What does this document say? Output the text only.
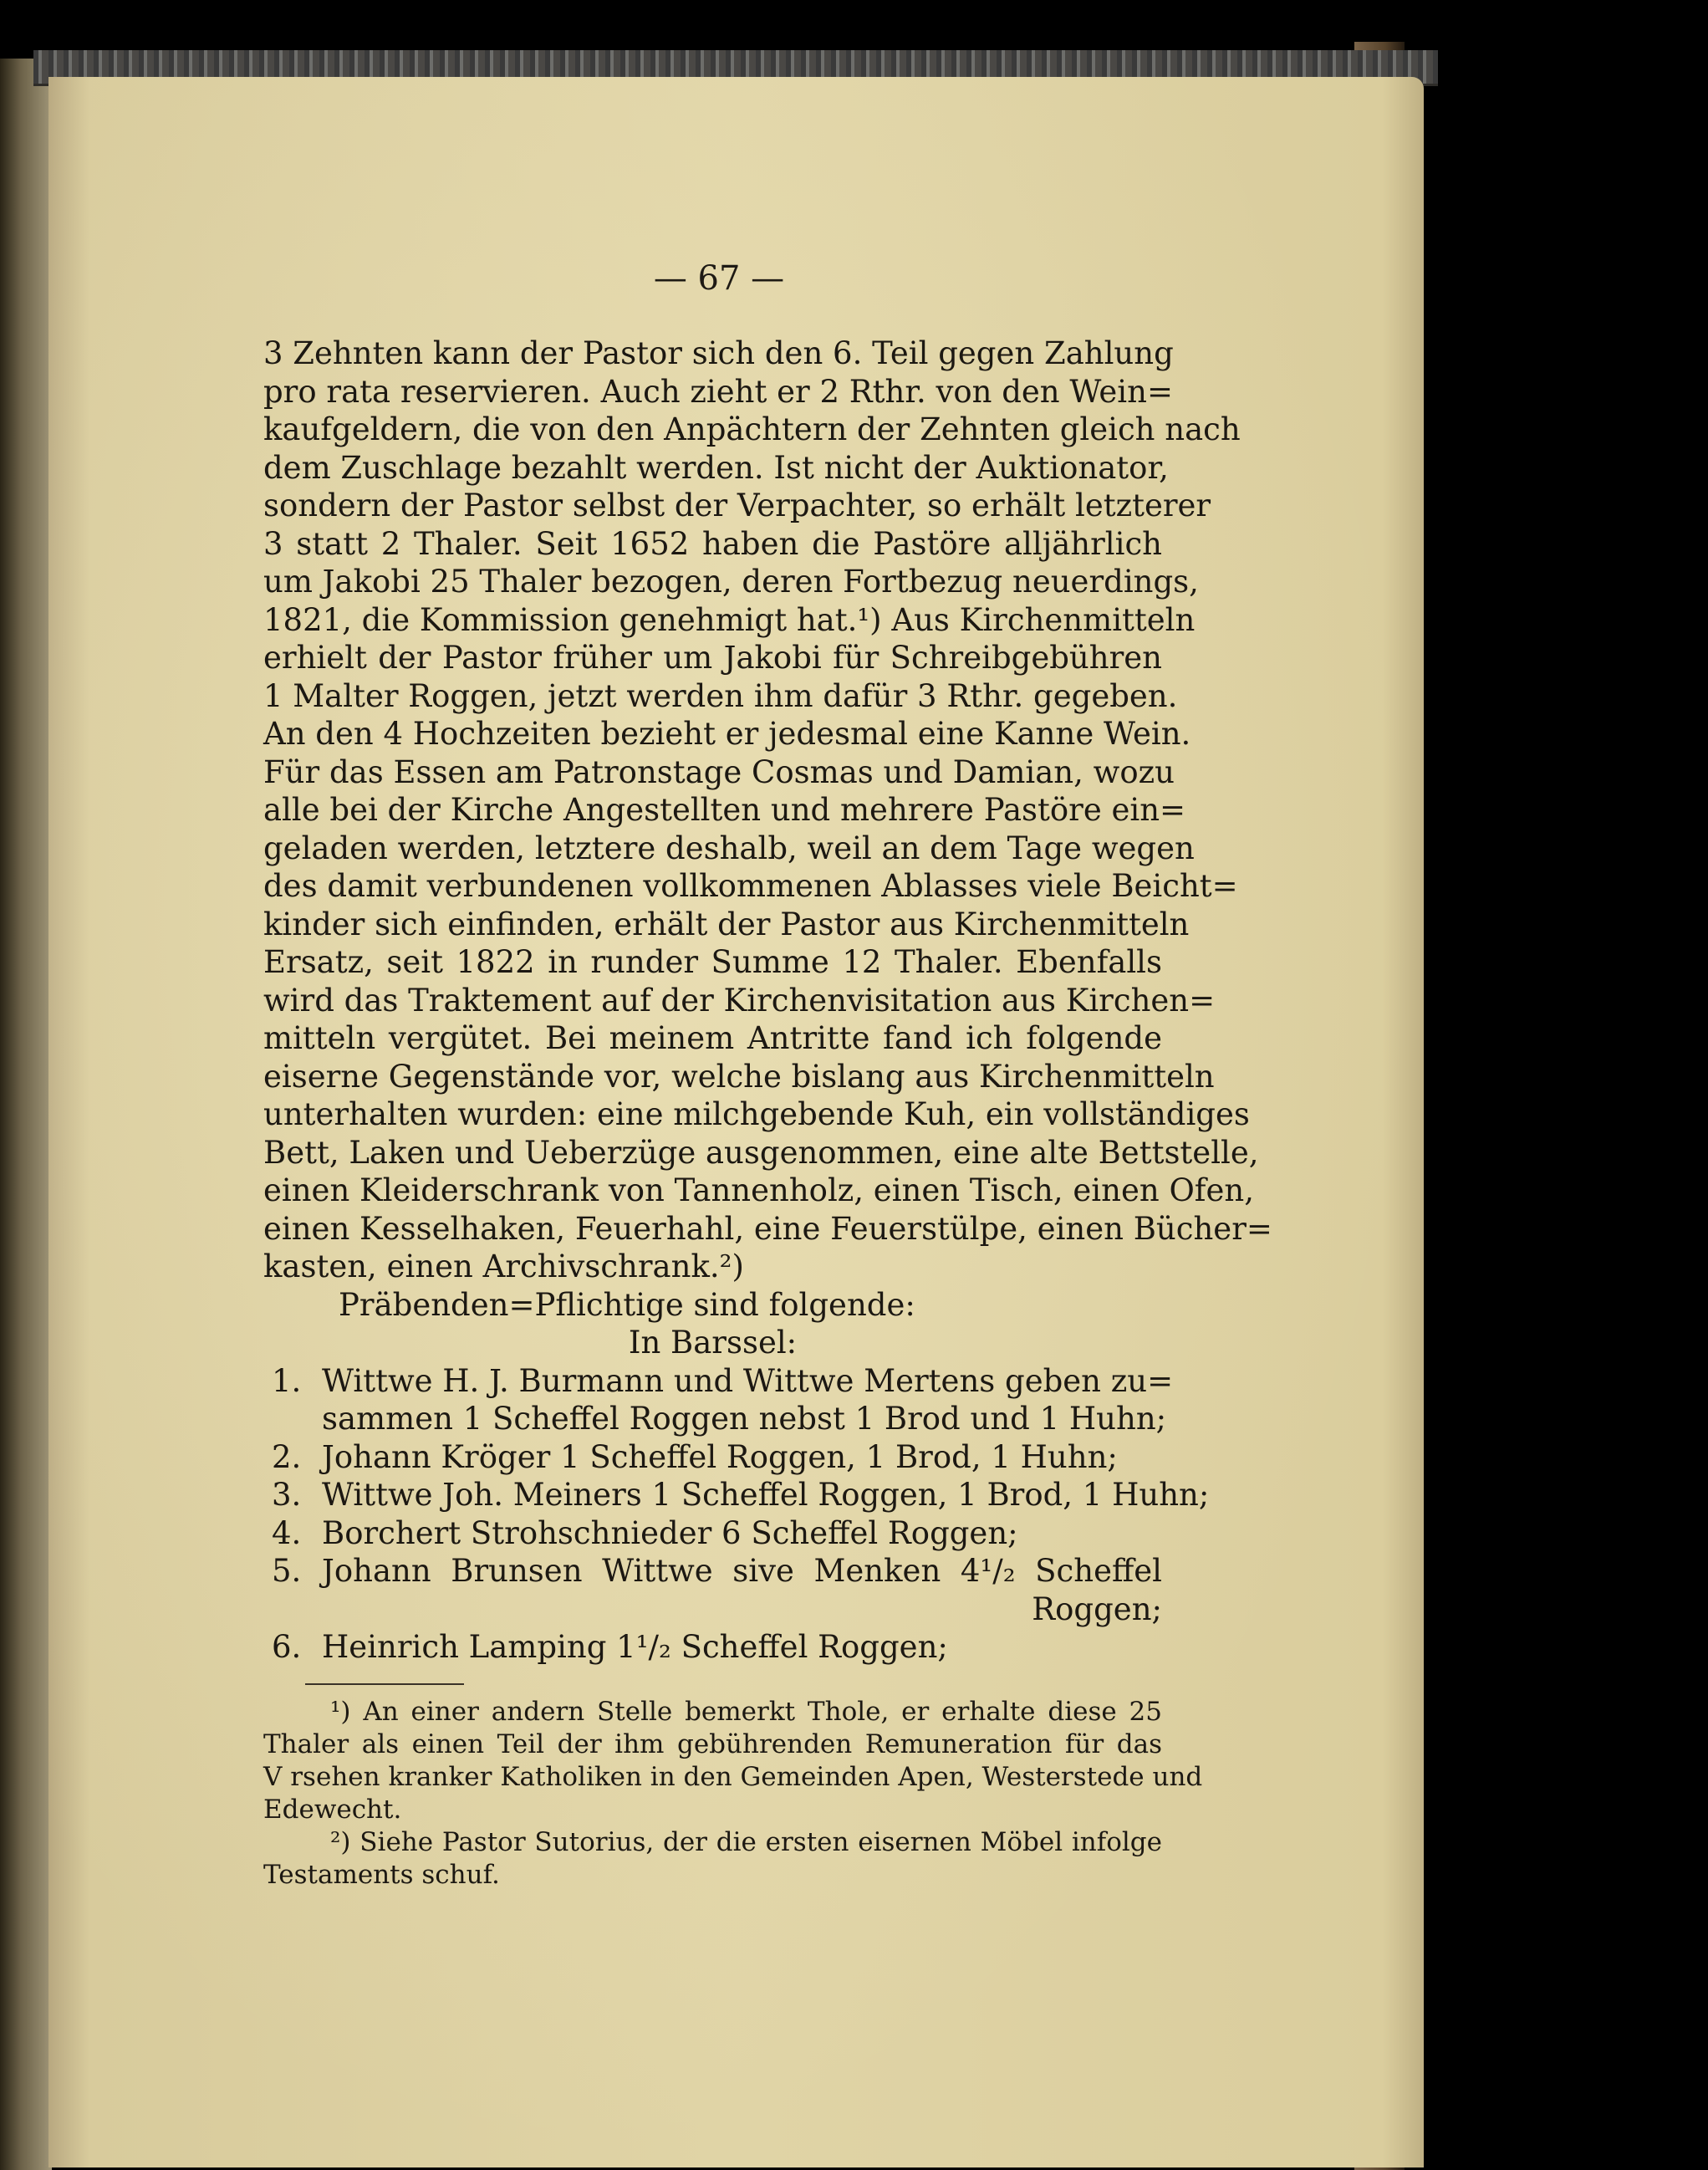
— 67 —
3 Zehnten kann der Pastor sich den 6. Teil gegen Zahlung
pro rata reservieren. Auch zieht er 2 Rthr. von den Wein=
kaufgeldern, die von den Anpächtern der Zehnten gleich nach
dem Zuschlage bezahlt werden. Ist nicht der Auktionator,
sondern der Pastor selbst der Verpachter, so erhält letzterer
3 statt 2 Thaler. Seit 1652 haben die Pastöre alljährlich
um Jakobi 25 Thaler bezogen, deren Fortbezug neuerdings,
1821, die Kommission genehmigt hat.¹) Aus Kirchenmitteln
erhielt der Pastor früher um Jakobi für Schreibgebühren
1 Malter Roggen, jetzt werden ihm dafür 3 Rthr. gegeben.
An den 4 Hochzeiten bezieht er jedesmal eine Kanne Wein.
Für das Essen am Patronstage Cosmas und Damian, wozu
alle bei der Kirche Angestellten und mehrere Pastöre ein=
geladen werden, letztere deshalb, weil an dem Tage wegen
des damit verbundenen vollkommenen Ablasses viele Beicht=
kinder sich einfinden, erhält der Pastor aus Kirchenmitteln
Ersatz, seit 1822 in runder Summe 12 Thaler. Ebenfalls
wird das Traktement auf der Kirchenvisitation aus Kirchen=
mitteln vergütet. Bei meinem Antritte fand ich folgende
eiserne Gegenstände vor, welche bislang aus Kirchenmitteln
unterhalten wurden: eine milchgebende Kuh, ein vollständiges
Bett, Laken und Ueberzüge ausgenommen, eine alte Bettstelle,
einen Kleiderschrank von Tannenholz, einen Tisch, einen Ofen,
einen Kesselhaken, Feuerhahl, eine Feuerstülpe, einen Bücher=
kasten, einen Archivschrank.²)
Präbenden=Pflichtige sind folgende:
In Barssel:
1. Wittwe H. J. Burmann und Wittwe Mertens geben zu=
sammen 1 Scheffel Roggen nebst 1 Brod und 1 Huhn;
2. Johann Kröger 1 Scheffel Roggen, 1 Brod, 1 Huhn;
3. Wittwe Joh. Meiners 1 Scheffel Roggen, 1 Brod, 1 Huhn;
4. Borchert Strohschnieder 6 Scheffel Roggen;
5. Johann Brunsen Wittwe sive Menken 4¹/₂ Scheffel
Roggen;
6. Heinrich Lamping 1¹/₂ Scheffel Roggen;
¹) An einer andern Stelle bemerkt Thole, er erhalte diese 25
Thaler als einen Teil der ihm gebührenden Remuneration für das
V rsehen kranker Katholiken in den Gemeinden Apen, Westerstede und
Edewecht.
²) Siehe Pastor Sutorius, der die ersten eisernen Möbel infolge
Testaments schuf.
